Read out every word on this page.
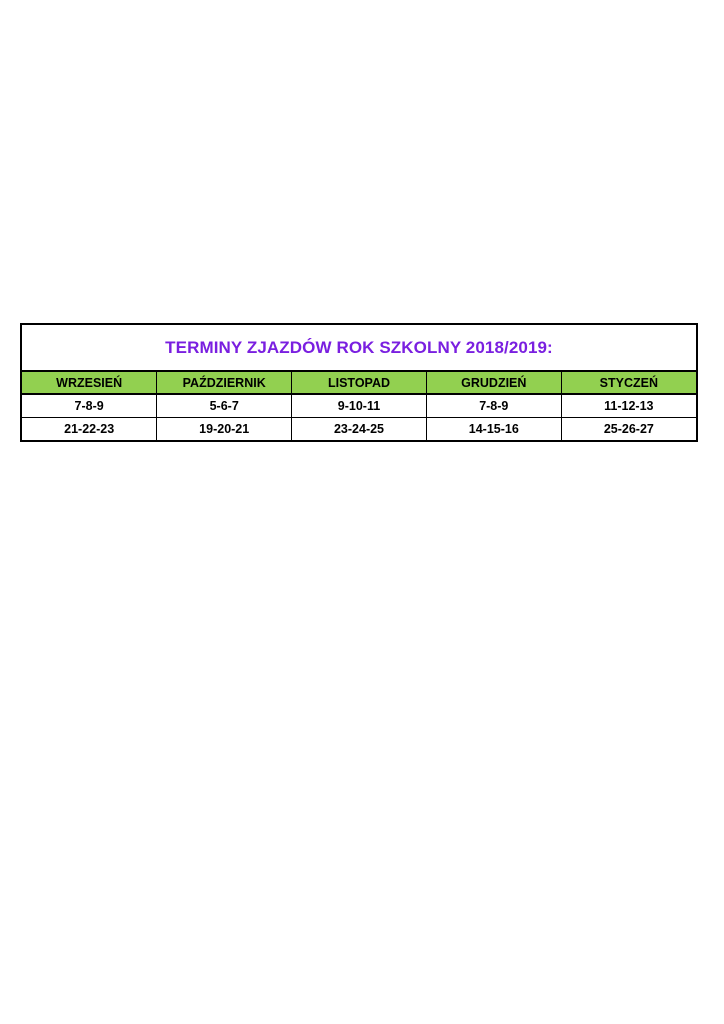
TERMINY ZJAZDÓW ROK SZKOLNY 2018/2019:
WRZESIEŃ	PAŹDZIERNIK	LISTOPAD	GRUDZIEŃ	STYCZEŃ
7-8-9	5-6-7	9-10-11	7-8-9	11-12-13
21-22-23	19-20-21	23-24-25	14-15-16	25-26-27
